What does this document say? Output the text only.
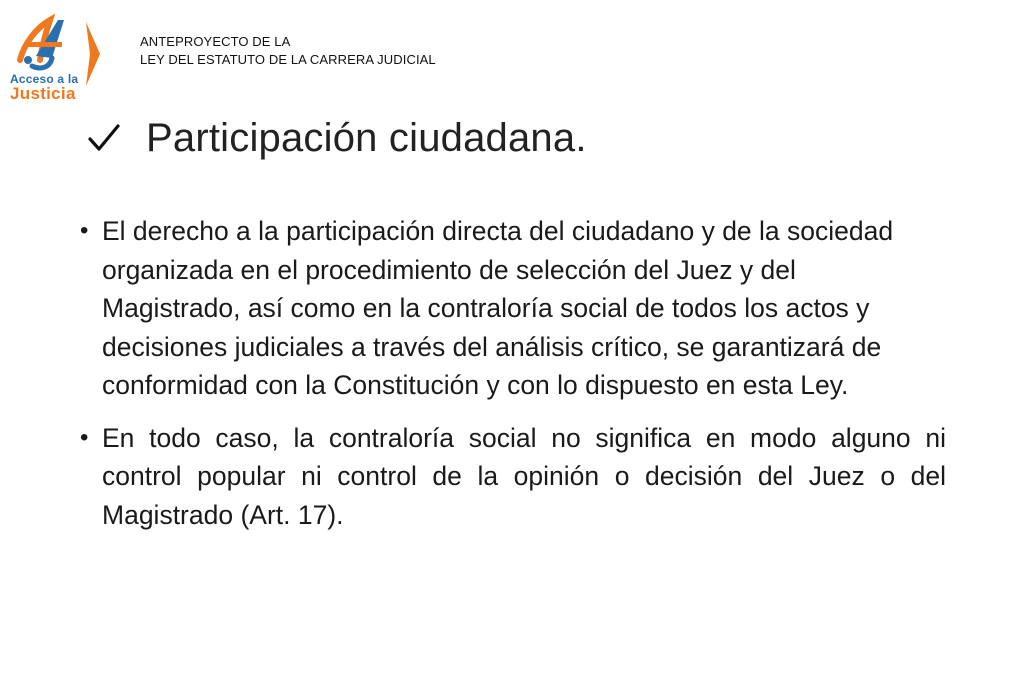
Acceso a la
Justicia
ANTEPROYECTO DE LA
LEY DEL ESTATUTO DE LA CARRERA JUDICIAL
Participación ciudadana.
• El derecho a la participación directa del ciudadano y de la sociedad organizada en el procedimiento de selección del Juez y del Magistrado, así como en la contraloría social de todos los actos y decisiones judiciales a través del análisis crítico, se garantizará de conformidad con la Constitución y con lo dispuesto en esta Ley.
• En todo caso, la contraloría social no significa en modo alguno ni control popular ni control de la opinión o decisión del Juez o del Magistrado (Art. 17).
